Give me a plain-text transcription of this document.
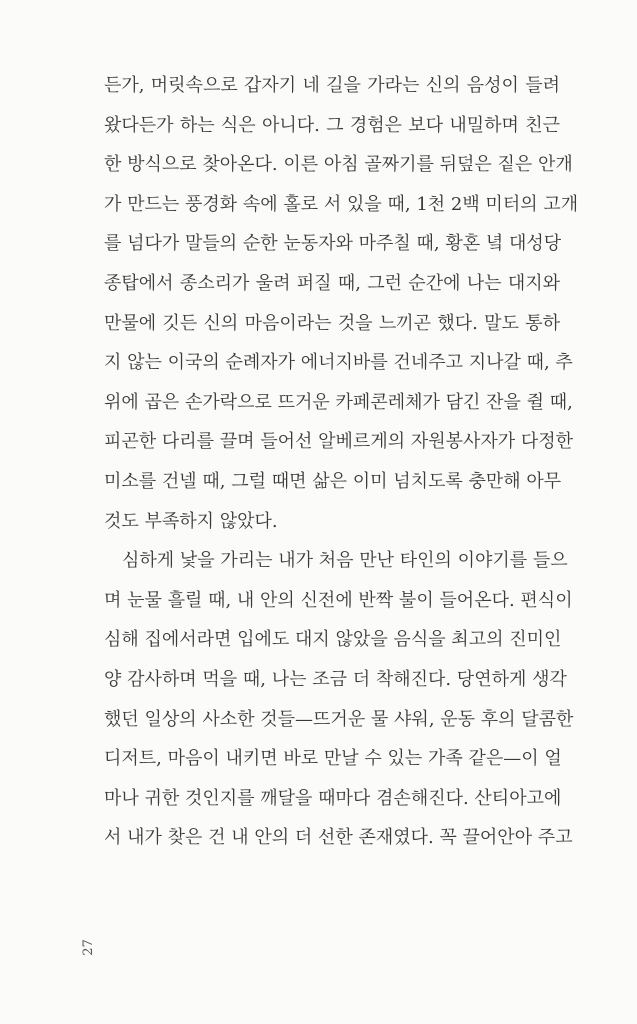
든가, 머릿속으로 갑자기 네 길을 가라는 신의 음성이 들려
왔다든가 하는 식은 아니다. 그 경험은 보다 내밀하며 친근
한 방식으로 찾아온다. 이른 아침 골짜기를 뒤덮은 짙은 안개
가 만드는 풍경화 속에 홀로 서 있을 때, 1천 2백 미터의 고개
를 넘다가 말들의 순한 눈동자와 마주칠 때, 황혼 녘 대성당
종탑에서 종소리가 울려 퍼질 때, 그런 순간에 나는 대지와
만물에 깃든 신의 마음이라는 것을 느끼곤 했다. 말도 통하
지 않는 이국의 순례자가 에너지바를 건네주고 지나갈 때, 추
위에 곱은 손가락으로 뜨거운 카페콘레체가 담긴 잔을 쥘 때,
피곤한 다리를 끌며 들어선 알베르게의 자원봉사자가 다정한
미소를 건넬 때, 그럴 때면 삶은 이미 넘치도록 충만해 아무
것도 부족하지 않았다.
심하게 낯을 가리는 내가 처음 만난 타인의 이야기를 들으
며 눈물 흘릴 때, 내 안의 신전에 반짝 불이 들어온다. 편식이
심해 집에서라면 입에도 대지 않았을 음식을 최고의 진미인
양 감사하며 먹을 때, 나는 조금 더 착해진다. 당연하게 생각
했던 일상의 사소한 것들—뜨거운 물 샤워, 운동 후의 달콤한
디저트, 마음이 내키면 바로 만날 수 있는 가족 같은—이 얼
마나 귀한 것인지를 깨달을 때마다 겸손해진다. 산티아고에
서 내가 찾은 건 내 안의 더 선한 존재였다. 꼭 끌어안아 주고
27
